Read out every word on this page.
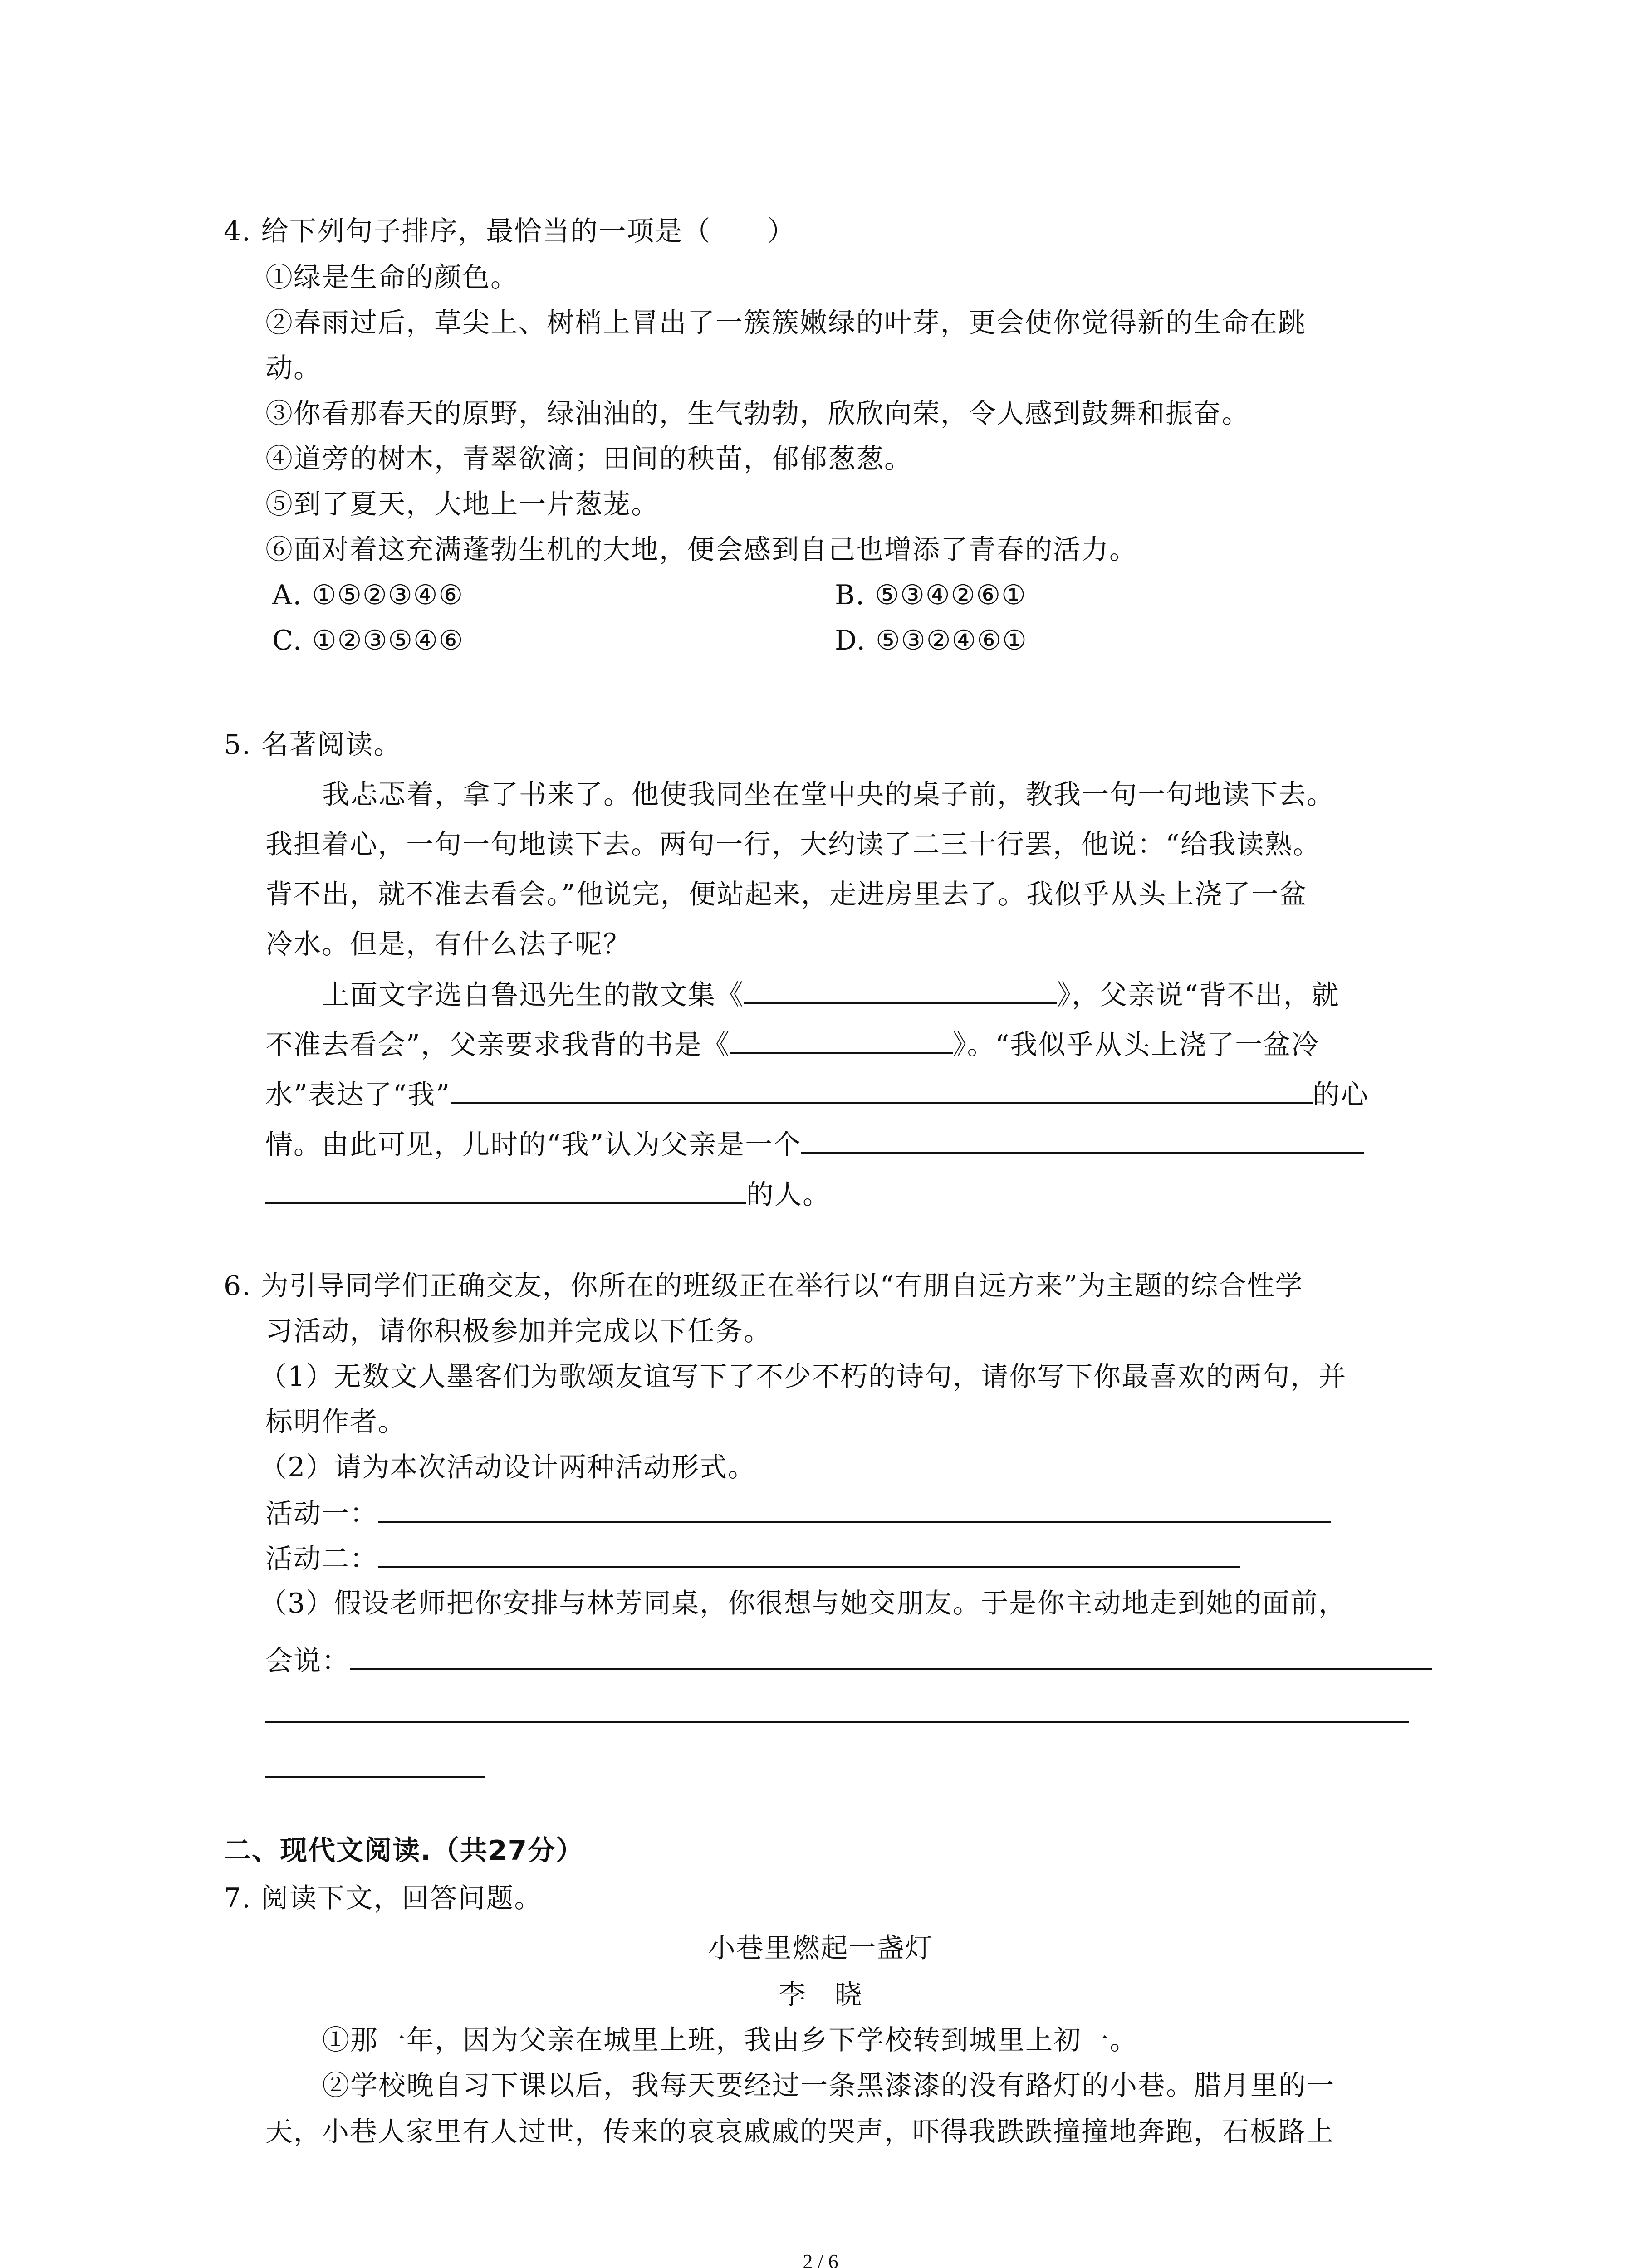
4. 给下列句子排序，最恰当的一项是（　　）
①绿是生命的颜色。
②春雨过后，草尖上、树梢上冒出了一簇簇嫩绿的叶芽，更会使你觉得新的生命在跳
动。
③你看那春天的原野，绿油油的，生气勃勃，欣欣向荣，令人感到鼓舞和振奋。
④道旁的树木，青翠欲滴；田间的秧苗，郁郁葱葱。
⑤到了夏天，大地上一片葱茏。
⑥面对着这充满蓬勃生机的大地，便会感到自己也增添了青春的活力。
A. ①⑤②③④⑥	B. ⑤③④②⑥①
C. ①②③⑤④⑥	D. ⑤③②④⑥①
5. 名著阅读。
我忐忑着，拿了书来了。他使我同坐在堂中央的桌子前，教我一句一句地读下去。
我担着心，一句一句地读下去。两句一行，大约读了二三十行罢，他说：“给我读熟。
背不出，就不准去看会。”他说完，便站起来，走进房里去了。我似乎从头上浇了一盆
冷水。但是，有什么法子呢？
上面文字选自鲁迅先生的散文集《	》，父亲说“背不出，就
不准去看会”，父亲要求我背的书是《	》。“我似乎从头上浇了一盆冷
水”表达了“我”	的心
情。由此可见，儿时的“我”认为父亲是一个
的人。
6. 为引导同学们正确交友，你所在的班级正在举行以“有朋自远方来”为主题的综合性学
习活动，请你积极参加并完成以下任务。
（1）无数文人墨客们为歌颂友谊写下了不少不朽的诗句，请你写下你最喜欢的两句，并
标明作者。
（2）请为本次活动设计两种活动形式。
活动一：
活动二：
（3）假设老师把你安排与林芳同桌，你很想与她交朋友。于是你主动地走到她的面前，
会说：
二、现代文阅读.（共27分）
7. 阅读下文，回答问题。
小巷里燃起一盏灯
李　晓
①那一年，因为父亲在城里上班，我由乡下学校转到城里上初一。
②学校晚自习下课以后，我每天要经过一条黑漆漆的没有路灯的小巷。腊月里的一
天，小巷人家里有人过世，传来的哀哀戚戚的哭声，吓得我跌跌撞撞地奔跑，石板路上
2 / 6
